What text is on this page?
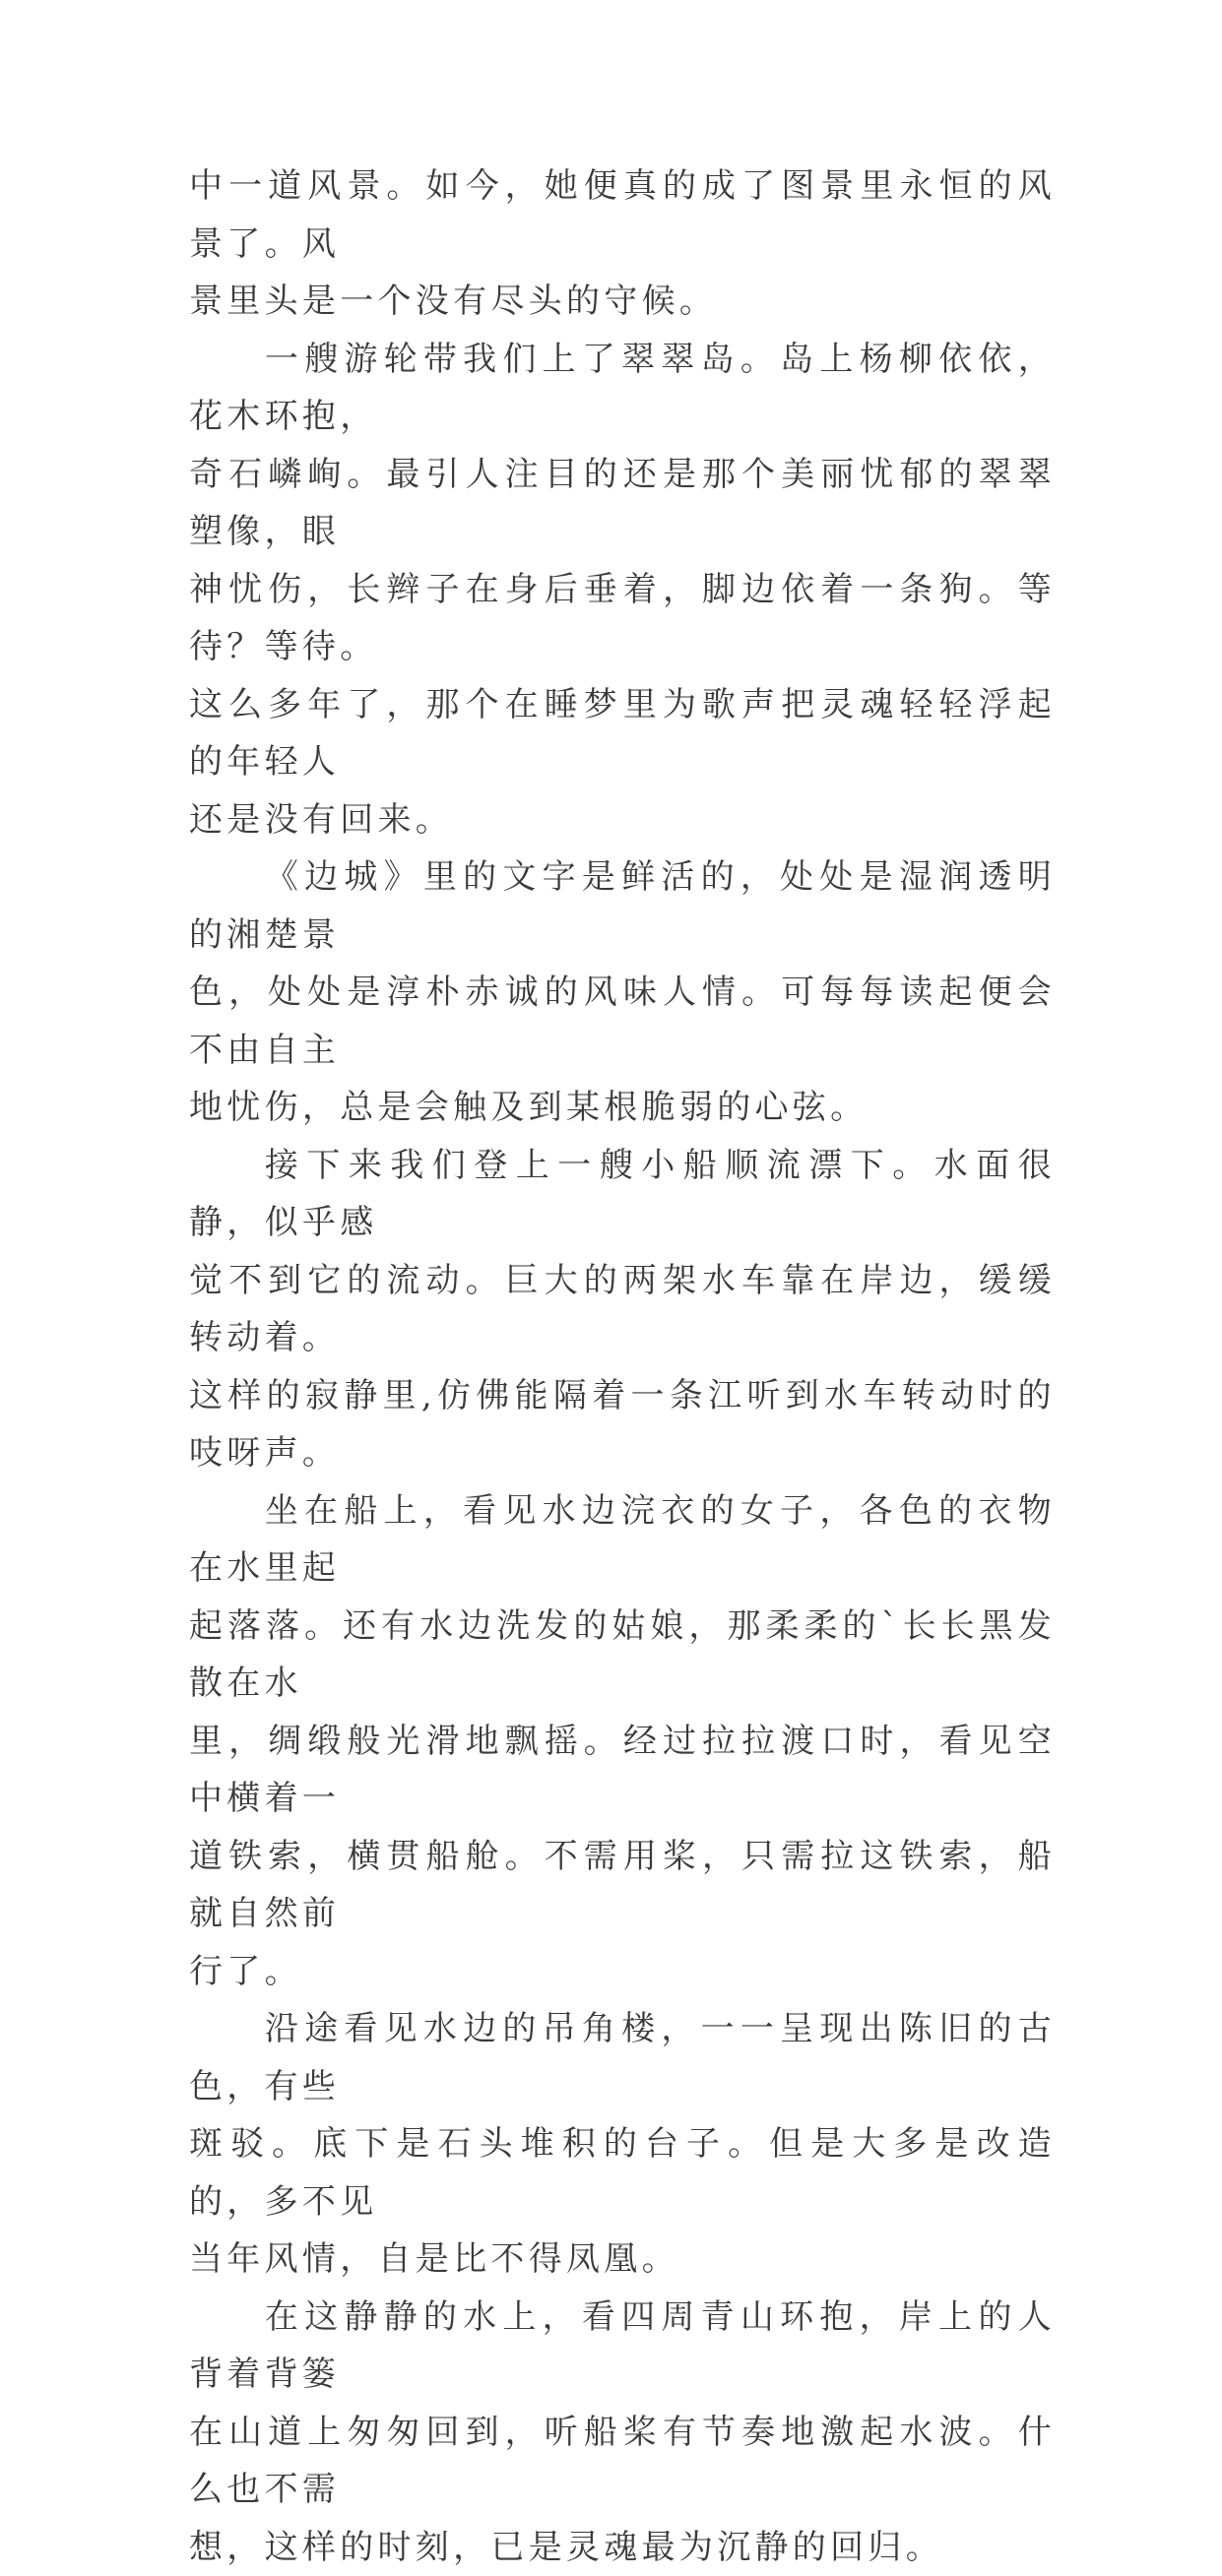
中一道风景。如今，她便真的成了图景里永恒的风景了。风
景里头是一个没有尽头的守候。

一艘游轮带我们上了翠翠岛。岛上杨柳依依，花木环抱，
奇石嶙峋。最引人注目的还是那个美丽忧郁的翠翠塑像，眼
神忧伤，长辫子在身后垂着，脚边依着一条狗。等待？等待。
这么多年了，那个在睡梦里为歌声把灵魂轻轻浮起的年轻人
还是没有回来。

《边城》里的文字是鲜活的，处处是湿润透明的湘楚景
色，处处是淳朴赤诚的风味人情。可每每读起便会不由自主
地忧伤，总是会触及到某根脆弱的心弦。

接下来我们登上一艘小船顺流漂下。水面很静，似乎感
觉不到它的流动。巨大的两架水车靠在岸边，缓缓转动着。
这样的寂静里,仿佛能隔着一条江听到水车转动时的吱呀声。

坐在船上，看见水边浣衣的女子，各色的衣物在水里起
起落落。还有水边洗发的姑娘，那柔柔的`长长黑发散在水
里，绸缎般光滑地飘摇。经过拉拉渡口时，看见空中横着一
道铁索，横贯船舱。不需用桨，只需拉这铁索，船就自然前
行了。

沿途看见水边的吊角楼，一一呈现出陈旧的古色，有些
斑驳。底下是石头堆积的台子。但是大多是改造的，多不见
当年风情，自是比不得凤凰。

在这静静的水上，看四周青山环抱，岸上的人背着背篓
在山道上匆匆回到，听船桨有节奏地激起水波。什么也不需
想，这样的时刻，已是灵魂最为沉静的回归。
